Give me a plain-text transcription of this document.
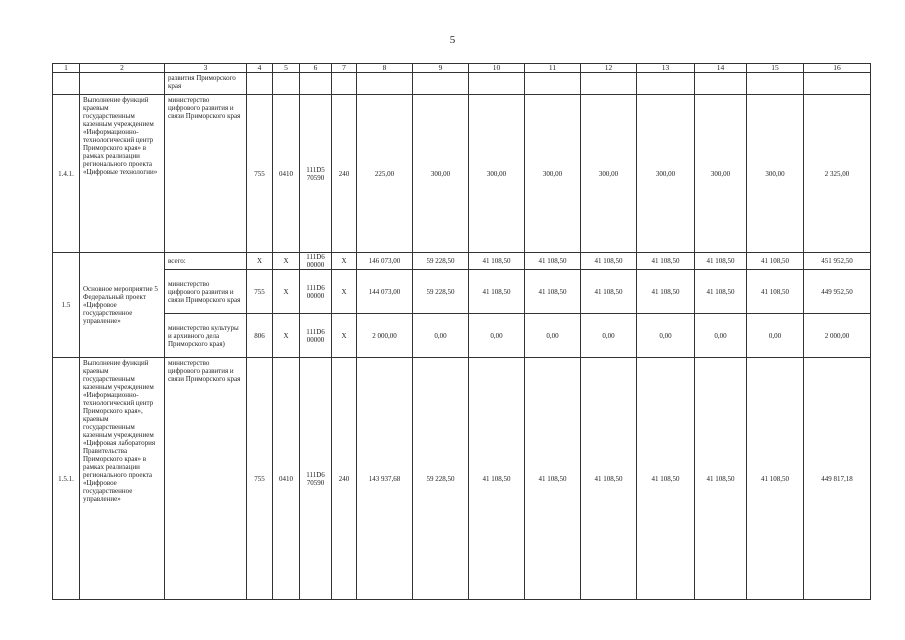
5
1	2	3	4	5	6	7	8	9	10	11	12	13	14	15	16
		развития Приморского края													
1.4.1.	Выполнение функций краевым государственным казенным учреждением «Информационно-технологический центр Приморского края» в рамках реализации регионального проекта «Цифровые технологии»	министерство цифрового развития и связи Приморского края	755	0410	111D5 70590	240	225,00	300,00	300,00	300,00	300,00	300,00	300,00	300,00	2 325,00
1.5	Основное мероприятие 5 Федеральный проект «Цифровое государственное управление»	всего:	X	X	111D6 00000	X	146 073,00	59 228,50	41 108,50	41 108,50	41 108,50	41 108,50	41 108,50	41 108,50	451 952,50
		министерство цифрового развития и связи Приморского края	755	X	111D6 00000	X	144 073,00	59 228,50	41 108,50	41 108,50	41 108,50	41 108,50	41 108,50	41 108,50	449 952,50
		министерство культуры и архивного дела Приморского края)	806	X	111D6 00000	X	2 000,00	0,00	0,00	0,00	0,00	0,00	0,00	0,00	2 000,00
1.5.1.	Выполнение функций краевым государственным казенным учреждением «Информационно-технологический центр Приморского края», краевым государственным казенным учреждением «Цифровая лаборатория Правительства Приморского края» в рамках реализации регионального проекта «Цифровое государственное управление»	министерство цифрового развития и связи Приморского края	755	0410	111D6 70590	240	143 937,68	59 228,50	41 108,50	41 108,50	41 108,50	41 108,50	41 108,50	41 108,50	449 817,18
